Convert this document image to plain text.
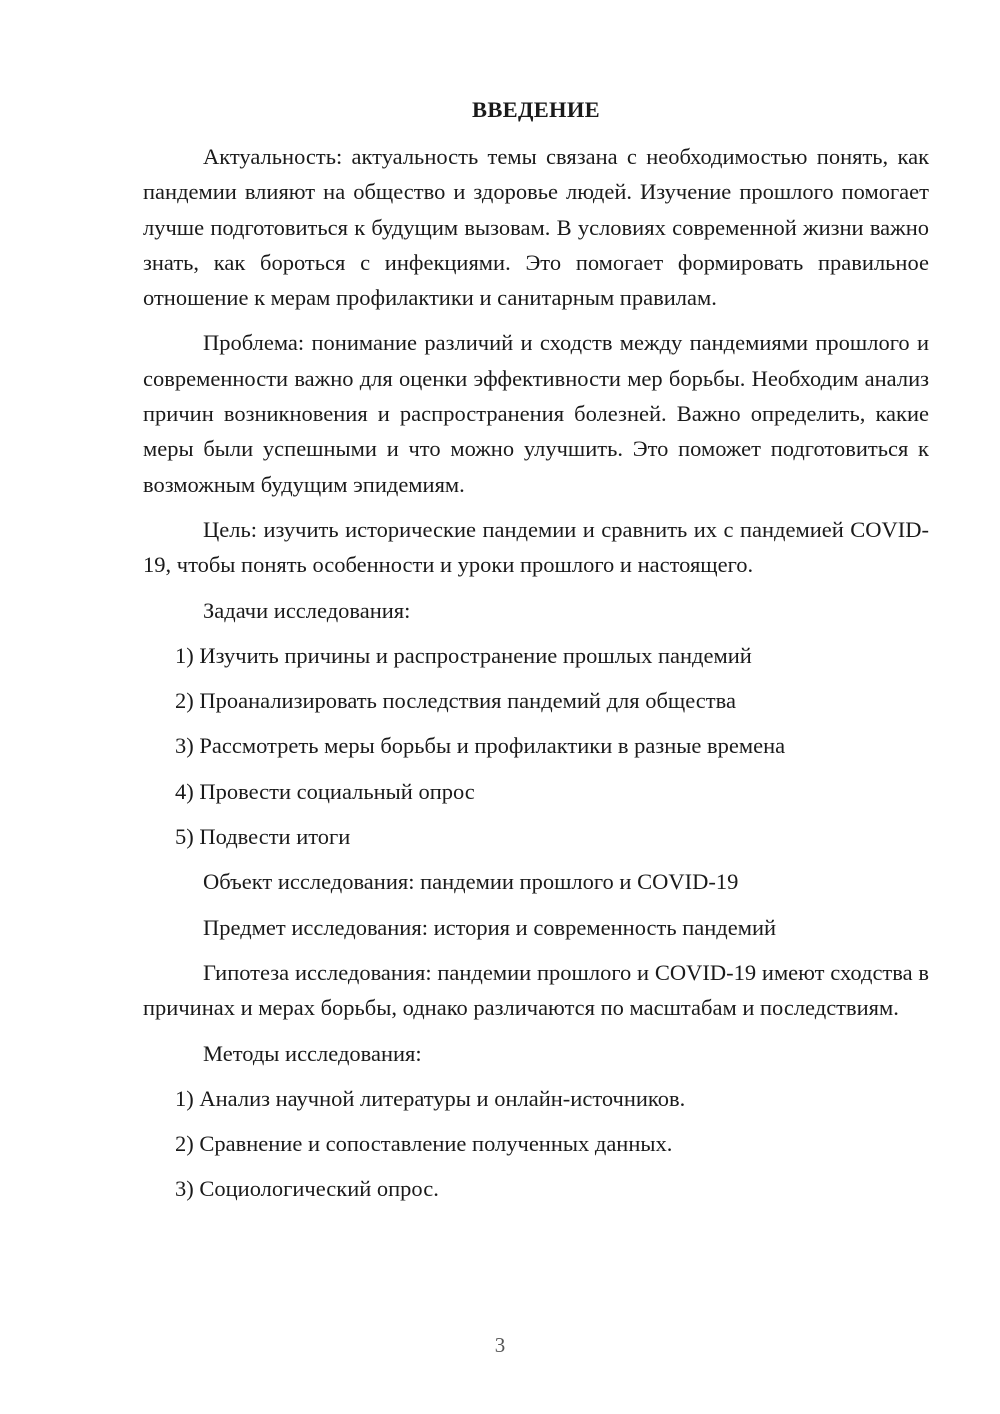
ВВЕДЕНИЕ

Актуальность: актуальность темы связана с необходимостью понять, как пандемии влияют на общество и здоровье людей. Изучение прошлого помогает лучше подготовиться к будущим вызовам. В условиях современной жизни важно знать, как бороться с инфекциями. Это помогает формировать правильное отношение к мерам профилактики и санитарным правилам.

Проблема: понимание различий и сходств между пандемиями прошлого и современности важно для оценки эффективности мер борьбы. Необходим анализ причин возникновения и распространения болезней. Важно определить, какие меры были успешными и что можно улучшить. Это поможет подготовиться к возможным будущим эпидемиям.

Цель: изучить исторические пандемии и сравнить их с пандемией COVID-19, чтобы понять особенности и уроки прошлого и настоящего.

Задачи исследования:
1) Изучить причины и распространение прошлых пандемий
2) Проанализировать последствия пандемий для общества
3) Рассмотреть меры борьбы и профилактики в разные времена
4) Провести социальный опрос
5) Подвести итоги
Объект исследования: пандемии прошлого и COVID-19
Предмет исследования: история и современность пандемий

Гипотеза исследования: пандемии прошлого и COVID-19 имеют сходства в причинах и мерах борьбы, однако различаются по масштабам и последствиям.

Методы исследования:
1) Анализ научной литературы и онлайн-источников.
2) Сравнение и сопоставление полученных данных.
3) Социологический опрос.
3
